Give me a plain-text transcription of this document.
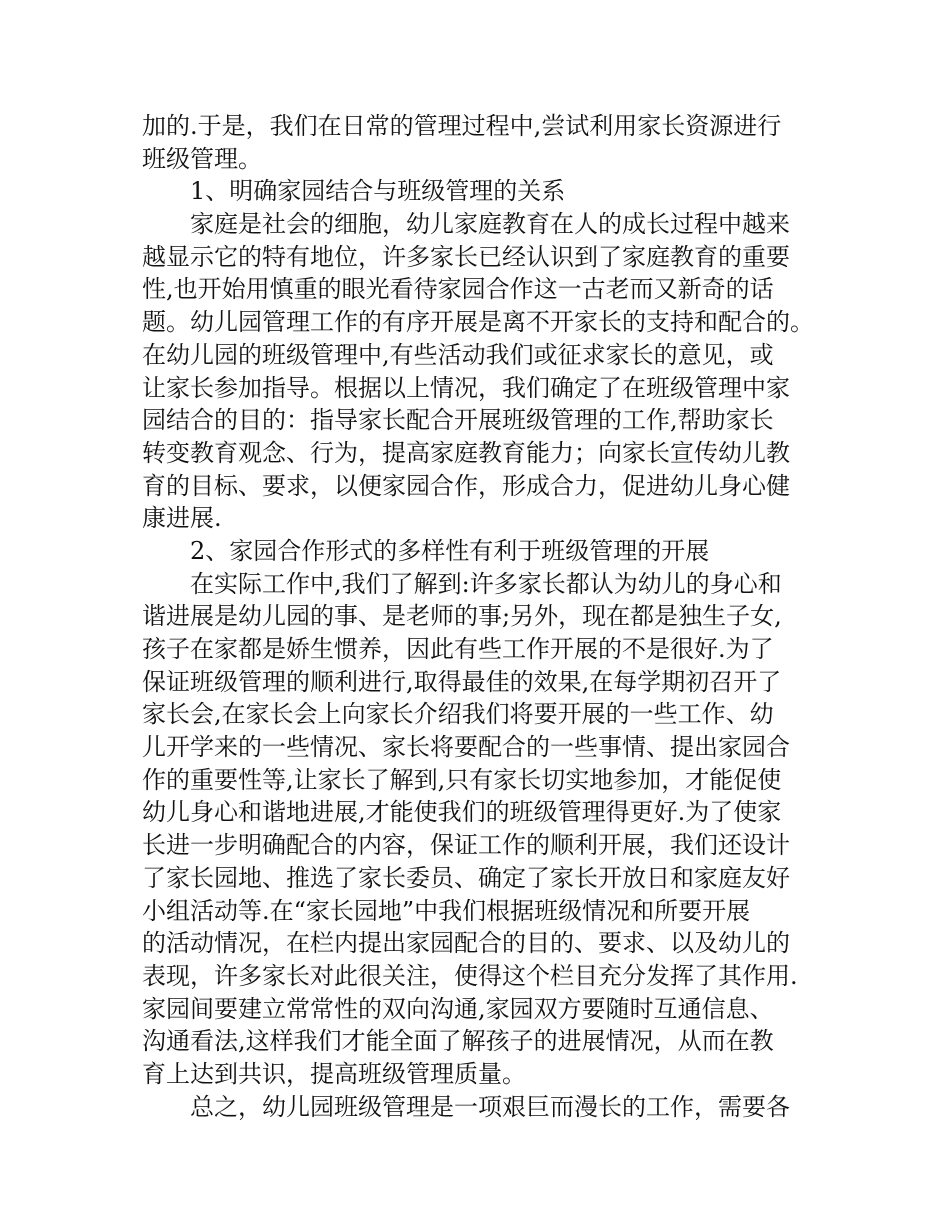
加的.于是，我们在日常的管理过程中,尝试利用家长资源进行
班级管理。
　　1、明确家园结合与班级管理的关系
　　家庭是社会的细胞，幼儿家庭教育在人的成长过程中越来
越显示它的特有地位，许多家长已经认识到了家庭教育的重要
性,也开始用慎重的眼光看待家园合作这一古老而又新奇的话
题。幼儿园管理工作的有序开展是离不开家长的支持和配合的。
在幼儿园的班级管理中,有些活动我们或征求家长的意见，或
让家长参加指导。根据以上情况，我们确定了在班级管理中家
园结合的目的：指导家长配合开展班级管理的工作,帮助家长
转变教育观念、行为，提高家庭教育能力；向家长宣传幼儿教
育的目标、要求，以便家园合作，形成合力，促进幼儿身心健
康进展.
　　2、家园合作形式的多样性有利于班级管理的开展
　　在实际工作中,我们了解到:许多家长都认为幼儿的身心和
谐进展是幼儿园的事、是老师的事;另外，现在都是独生子女,
孩子在家都是娇生惯养，因此有些工作开展的不是很好.为了
保证班级管理的顺利进行,取得最佳的效果,在每学期初召开了
家长会,在家长会上向家长介绍我们将要开展的一些工作、幼
儿开学来的一些情况、家长将要配合的一些事情、提出家园合
作的重要性等,让家长了解到,只有家长切实地参加，才能促使
幼儿身心和谐地进展,才能使我们的班级管理得更好.为了使家
长进一步明确配合的内容，保证工作的顺利开展，我们还设计
了家长园地、推选了家长委员、确定了家长开放日和家庭友好
小组活动等.在“家长园地”中我们根据班级情况和所要开展
的活动情况，在栏内提出家园配合的目的、要求、以及幼儿的
表现，许多家长对此很关注，使得这个栏目充分发挥了其作用.
家园间要建立常常性的双向沟通,家园双方要随时互通信息、
沟通看法,这样我们才能全面了解孩子的进展情况，从而在教
育上达到共识，提高班级管理质量。
　　总之，幼儿园班级管理是一项艰巨而漫长的工作，需要各
